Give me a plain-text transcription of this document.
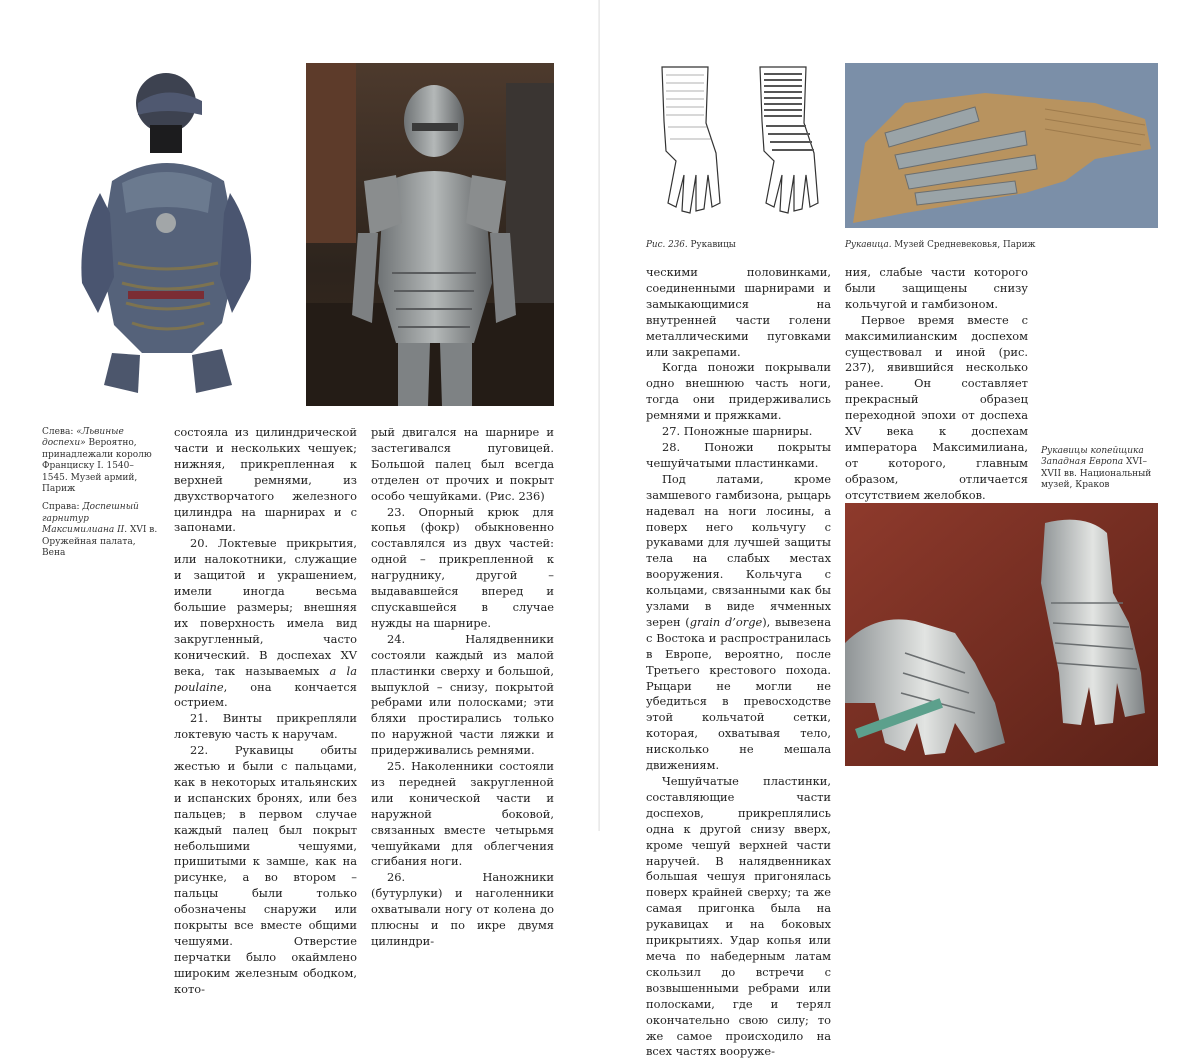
Слева: «Львиные доспехи» Вероятно, принадлежали королю Франциску I. 1540–1545. Музей армий, Париж

Справа: Доспешный гарнитур Максимилиана II. XVI в. Оружейная палата, Вена

состояла из цилиндрической части и нескольких чешуек; нижняя, прикрепленная к верхней ремнями, из двухстворчатого железного цилиндра на шарнирах и с запонами.

20. Локтевые прикрытия, или налокотники, служащие и защитой и украшением, имели иногда весьма большие размеры; внешняя их поверхность имела вид закругленный, часто конический. В доспехах XV века, так называемых a la poulaine, она кончается острием.

21. Винты прикрепляли локтевую часть к наручам.

22. Рукавицы обиты жестью и были с пальцами, как в некоторых итальянских и испанских бронях, или без пальцев; в первом случае каждый палец был покрыт небольшими чешуями, пришитыми к замше, как на рисунке, а во втором – пальцы были только обозначены снаружи или покрыты все вместе общими чешуями. Отверстие перчатки было окаймлено широким железным ободком, кото-

рый двигался на шарнире и застегивался пуговицей. Большой палец был всегда отделен от прочих и покрыт особо чешуйками. (Рис. 236)

23. Опорный крюк для копья (фокр) обыкновенно составлялся из двух частей: одной – прикрепленной к нагруднику, другой – выдававшейся вперед и спускавшейся в случае нужды на шарнире.

24. Налядвенники состояли каждый из малой пластинки сверху и большой, выпуклой – снизу, покрытой ребрами или полосками; эти бляхи простирались только по наружной части ляжки и придерживались ремнями.

25. Наколенники состояли из передней закругленной или конической части и наружной боковой, связанных вместе четырьмя чешуйками для облегчения сгибания ноги.

26. Наножники (бутурлуки) и наголенники охватывали ногу от колена до плюсны и по икре двумя цилиндри-

Рис. 236. Рукавицы	Рукавица. Музей Средневековья, Париж

ческими половинками, соединенными шарнирами и замыкающимися на внутренней части голени металлическими пуговками или закрепами.

Когда поножи покрывали одно внешнюю часть ноги, тогда они придерживались ремнями и пряжками.

27. Поножные шарниры.

28. Поножи покрыты чешуйчатыми пластинками.

Под латами, кроме замшевого гамбизона, рыцарь надевал на ноги лосины, а поверх него кольчугу с рукавами для лучшей защиты тела на слабых местах вооружения. Кольчуга с кольцами, связанными как бы узлами в виде ячменных зерен (grain d’orge), вывезена с Востока и распространилась в Европе, вероятно, после Третьего крестового похода. Рыцари не могли не убедиться в превосходстве этой кольчатой сетки, которая, охватывая тело, нисколько не мешала движениям.

Чешуйчатые пластинки, составляющие части доспехов, прикреплялись одна к другой снизу вверх, кроме чешуй верхней части наручей. В налядвенниках большая чешуя пригонялась поверх крайней сверху; та же самая пригонка была на рукавицах и на боковых прикрытиях. Удар копья или меча по набедерным латам скользил до встречи с возвышенными ребрами или полосками, где и терял окончательно свою силу; то же самое происходило на всех частях вооруже-

ния, слабые части которого были защищены снизу кольчугой и гамбизоном.

Первое время вместе с максимилианским доспехом существовал и иной (рис. 237), явившийся несколько ранее. Он составляет прекрасный образец переходной эпохи от доспеха XV века к доспехам императора Максимилиана, от которого, главным образом, отличается отсутствием желобков.

Рукавицы копейщика Западная Европа XVI–XVII вв. Национальный музей, Краков
